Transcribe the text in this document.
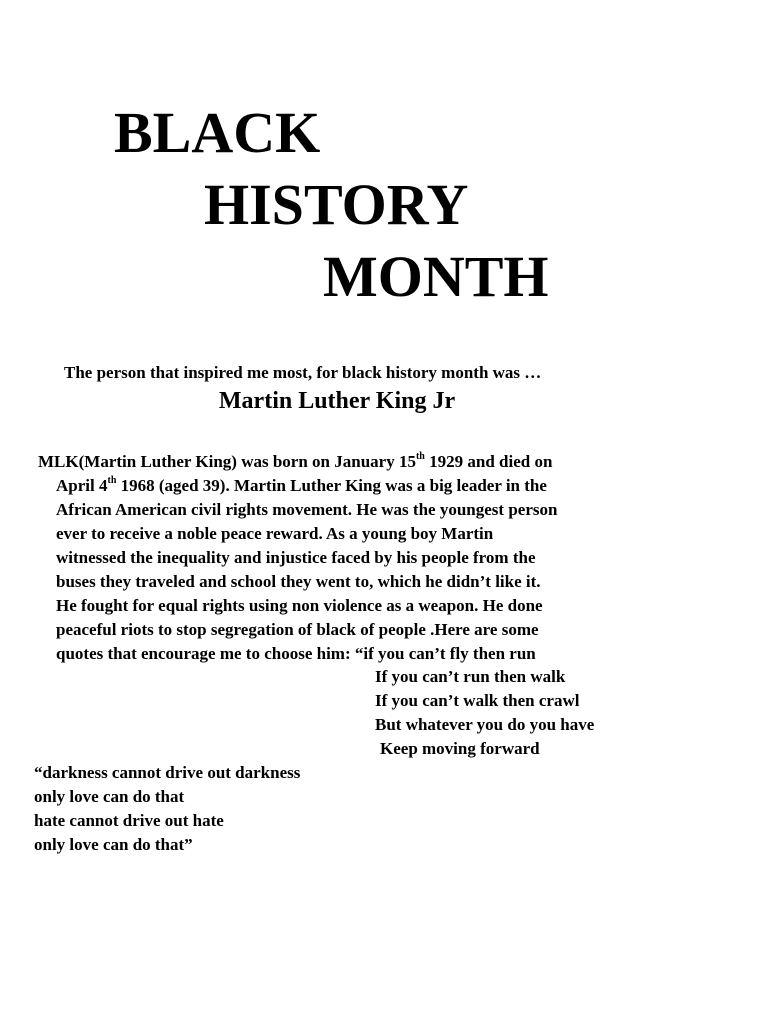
BLACK
HISTORY
MONTH
The person that inspired me most, for black history month was …
Martin Luther King Jr
MLK(Martin Luther King) was born on January 15th 1929 and died on
April 4th 1968 (aged 39). Martin Luther King was a big leader in the
African American civil rights movement. He was the youngest person
ever to receive a noble peace reward. As a young boy Martin
witnessed the inequality and injustice faced by his people from the
buses they traveled and school they went to, which he didn’t like it.
He fought for equal rights using non violence as a weapon. He done
peaceful riots to stop segregation of black of people .Here are some
quotes that encourage me to choose him: “if you can’t fly then run
If you can’t run then walk
If you can’t walk then crawl
But whatever you do you have
Keep moving forward
“darkness cannot drive out darkness
only love can do that
hate cannot drive out hate
only love can do that”
